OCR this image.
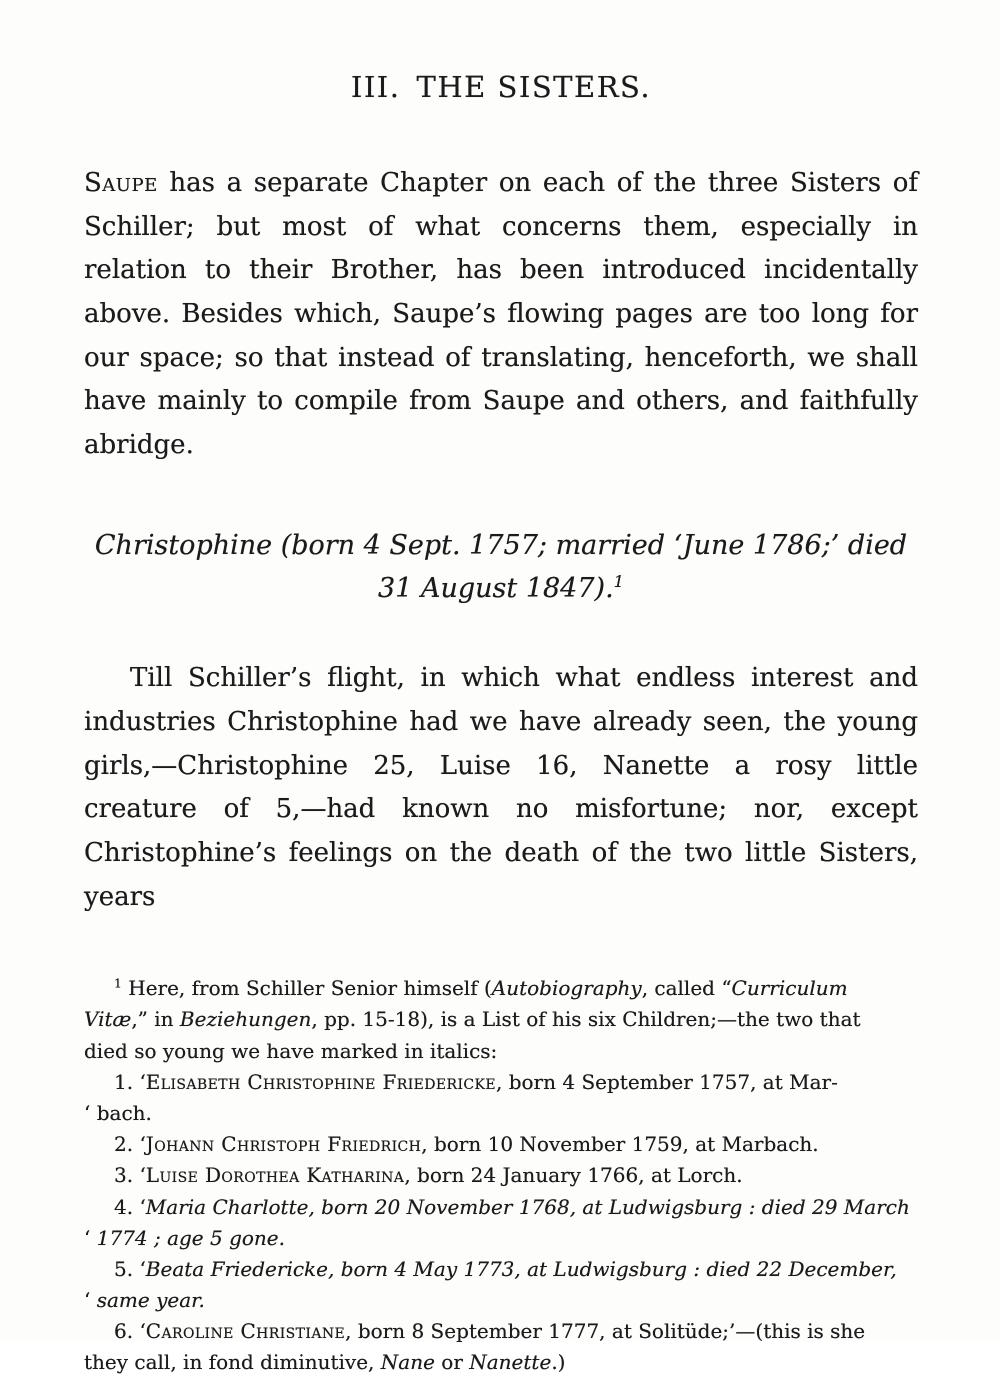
III. THE SISTERS.

Saupe has a separate Chapter on each of the three Sisters of Schiller; but most of what concerns them, especially in relation to their Brother, has been introduced incidentally above. Besides which, Saupe’s flowing pages are too long for our space; so that instead of translating, henceforth, we shall have mainly to compile from Saupe and others, and faithfully abridge.

Christophine (born 4 Sept. 1757; married ‘June 1786;’ died 31 August 1847).$^1$

Till Schiller’s flight, in which what endless interest and industries Christophine had we have already seen, the young girls,—Christophine 25, Luise 16, Nanette a rosy little creature of 5,—had known no misfortune; nor, except Christophine’s feelings on the death of the two little Sisters, years

$^1$ Here, from Schiller Senior himself (Autobiography, called “Curriculum
Vitæ,” in Beziehungen, pp. 15-18), is a List of his six Children;—the two that
died so young we have marked in italics:

1. ‘Elisabeth Christophine Friedericke, born 4 September 1757, at Mar-
‘ bach.

2. ‘Johann Christoph Friedrich, born 10 November 1759, at Marbach.

3. ‘Luise Dorothea Katharina, born 24 January 1766, at Lorch.

4. ‘Maria Charlotte, born 20 November 1768, at Ludwigsburg : died 29 March
‘ 1774 ; age 5 gone.

5. ‘Beata Friedericke, born 4 May 1773, at Ludwigsburg : died 22 December,
‘ same year.

6. ‘Caroline Christiane, born 8 September 1777, at Solitüde;’—(this is she
they call, in fond diminutive, Nane or Nanette.)
